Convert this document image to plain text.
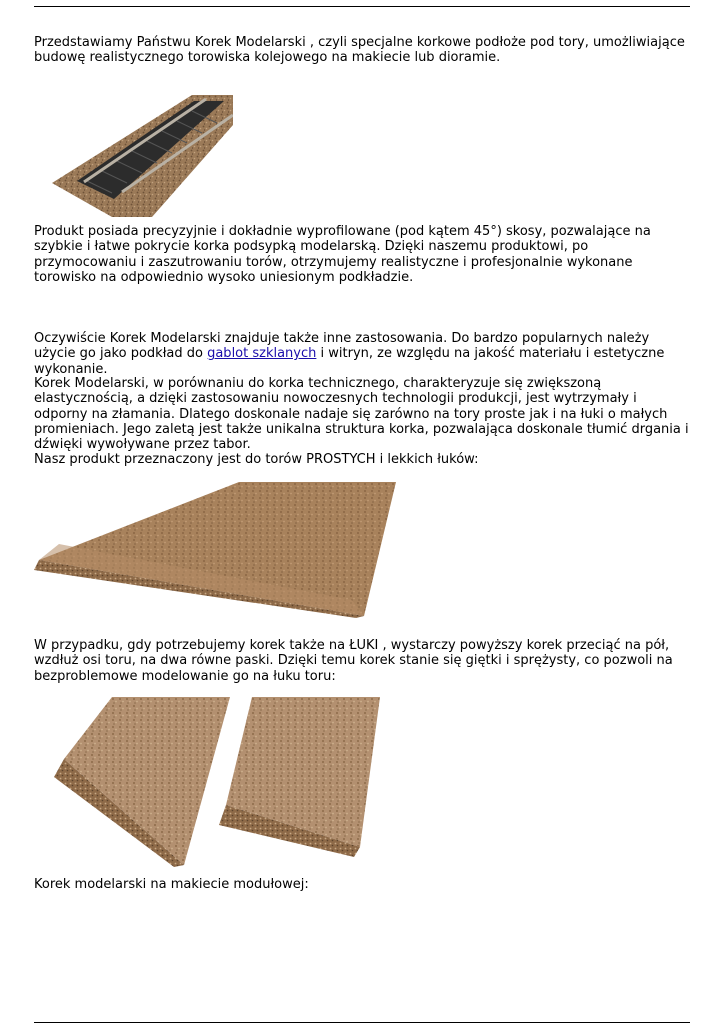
Przedstawiamy Państwu Korek Modelarski , czyli specjalne korkowe podłoże pod tory, umożliwiające budowę realistycznego torowiska kolejowego na makiecie lub dioramie.

Produkt posiada precyzyjnie i dokładnie wyprofilowane (pod kątem 45°) skosy, pozwalające na szybkie i łatwe pokrycie korka podsypką modelarską. Dzięki naszemu produktowi, po przymocowaniu i zaszutrowaniu torów, otrzymujemy realistyczne i profesjonalnie wykonane torowisko na odpowiednio wysoko uniesionym podkładzie.

Oczywiście Korek Modelarski znajduje także inne zastosowania. Do bardzo popularnych należy użycie go jako podkład do gablot szklanych i witryn, ze względu na jakość materiału i estetyczne wykonanie.

Korek Modelarski, w porównaniu do korka technicznego, charakteryzuje się zwiększoną elastycznością, a dzięki zastosowaniu nowoczesnych technologii produkcji, jest wytrzymały i odporny na złamania. Dlatego doskonale nadaje się zarówno na tory proste jak i na łuki o małych promieniach. Jego zaletą jest także unikalna struktura korka, pozwalająca doskonale tłumić drgania i dźwięki wywoływane przez tabor.

Nasz produkt przeznaczony jest do torów PROSTYCH i lekkich łuków:

W przypadku, gdy potrzebujemy korek także na ŁUKI , wystarczy powyższy korek przeciąć na pół, wzdłuż osi toru, na dwa równe paski. Dzięki temu korek stanie się giętki i sprężysty, co pozwoli na bezproblemowe modelowanie go na łuku toru:

Korek modelarski na makiecie modułowej:
